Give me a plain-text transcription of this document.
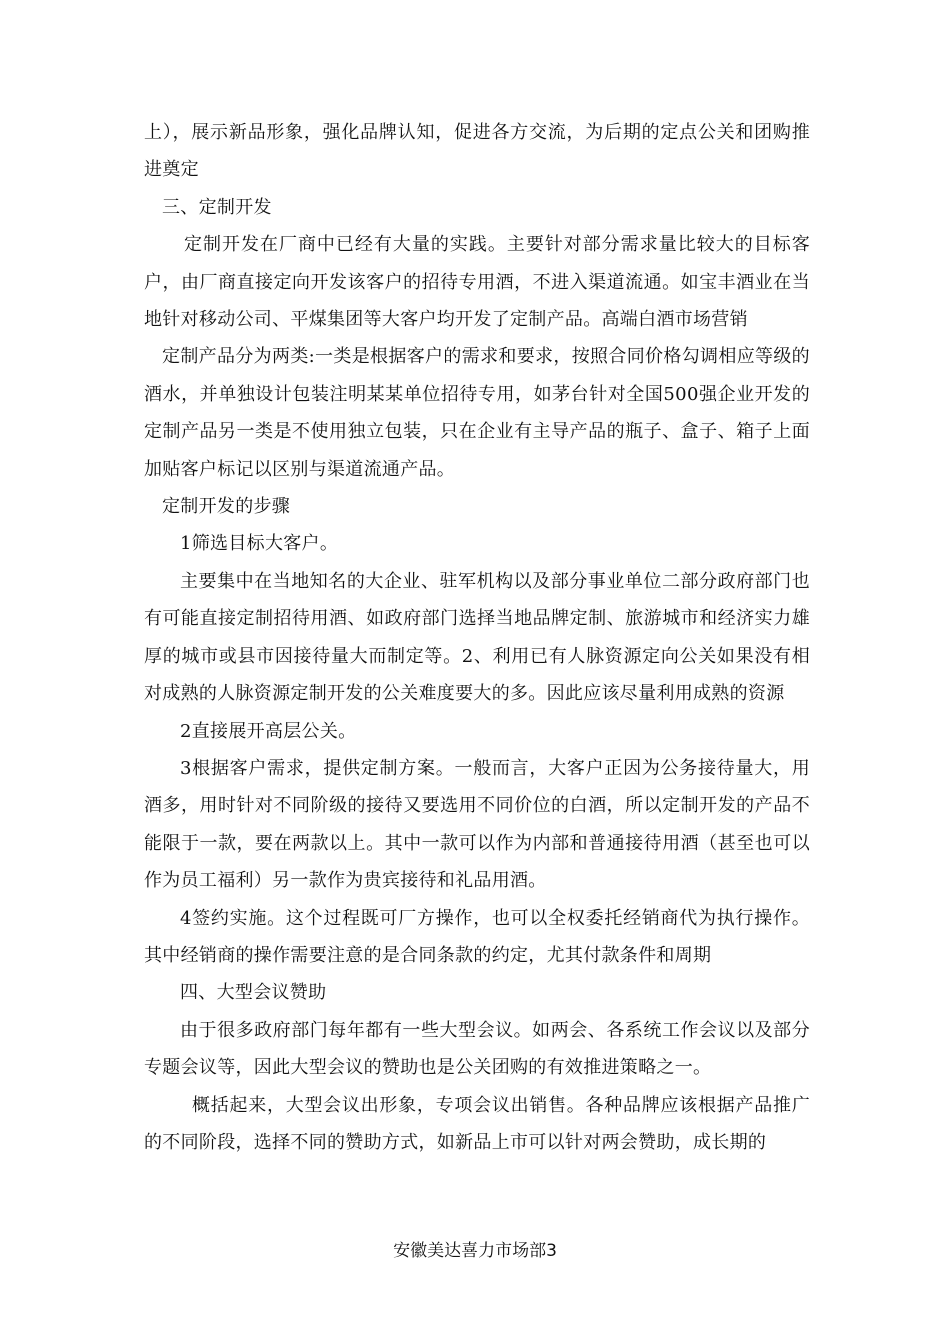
上），展示新品形象，强化品牌认知，促进各方交流，为后期的定点公关和团购推进奠定

三、定制开发

定制开发在厂商中已经有大量的实践。主要针对部分需求量比较大的目标客户，由厂商直接定向开发该客户的招待专用酒，不进入渠道流通。如宝丰酒业在当地针对移动公司、平煤集团等大客户均开发了定制产品。高端白酒市场营销

定制产品分为两类:一类是根据客户的需求和要求，按照合同价格勾调相应等级的酒水，并单独设计包装注明某某单位招待专用，如茅台针对全国500强企业开发的定制产品另一类是不使用独立包装，只在企业有主导产品的瓶子、盒子、箱子上面加贴客户标记以区别与渠道流通产品。

定制开发的步骤

1筛选目标大客户。

主要集中在当地知名的大企业、驻军机构以及部分事业单位二部分政府部门也有可能直接定制招待用酒、如政府部门选择当地品牌定制、旅游城市和经济实力雄厚的城市或县市因接待量大而制定等。2、利用已有人脉资源定向公关如果没有相对成熟的人脉资源定制开发的公关难度要大的多。因此应该尽量利用成熟的资源

2直接展开高层公关。

3根据客户需求，提供定制方案。一般而言，大客户正因为公务接待量大，用酒多，用时针对不同阶级的接待又要选用不同价位的白酒，所以定制开发的产品不能限于一款，要在两款以上。其中一款可以作为内部和普通接待用酒（甚至也可以作为员工福利）另一款作为贵宾接待和礼品用酒。

4签约实施。这个过程既可厂方操作，也可以全权委托经销商代为执行操作。其中经销商的操作需要注意的是合同条款的约定，尤其付款条件和周期

四、大型会议赞助

由于很多政府部门每年都有一些大型会议。如两会、各系统工作会议以及部分专题会议等，因此大型会议的赞助也是公关团购的有效推进策略之一。

概括起来，大型会议出形象，专项会议出销售。各种品牌应该根据产品推广的不同阶段，选择不同的赞助方式，如新品上市可以针对两会赞助，成长期的

安徽美达喜力市场部3
